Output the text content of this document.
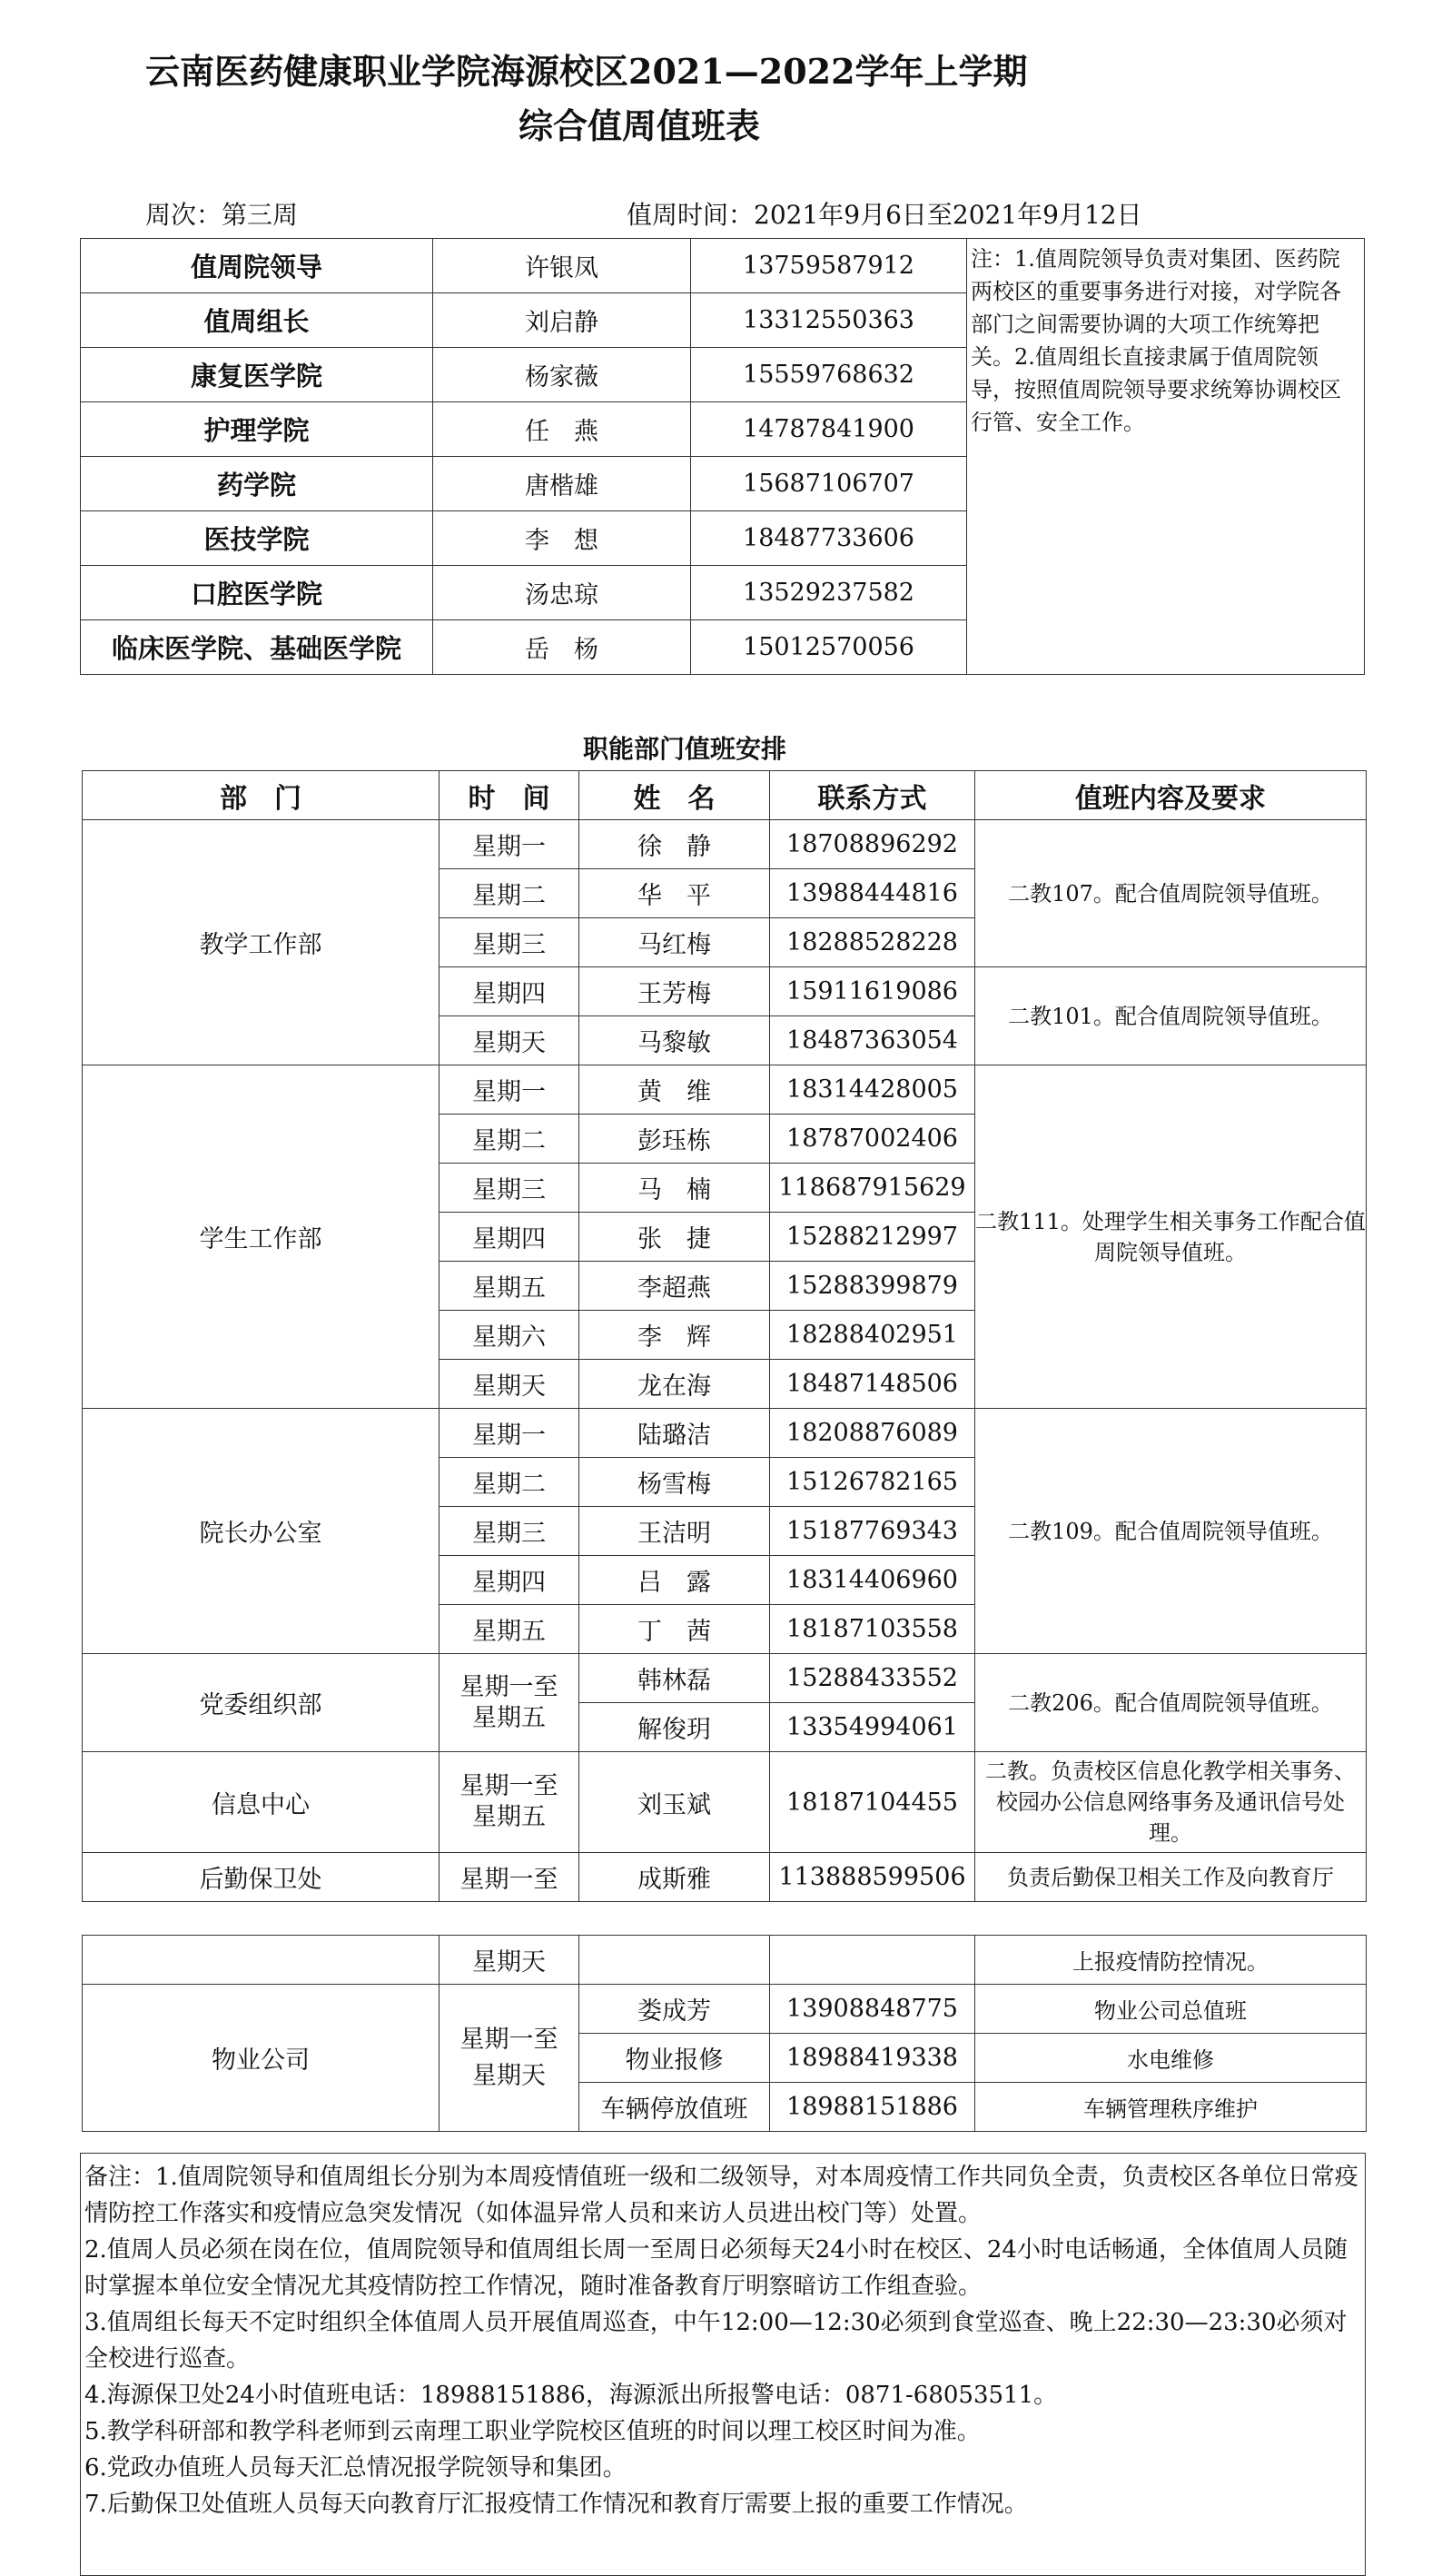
云南医药健康职业学院海源校区2021—2022学年上学期
综合值周值班表
周次：第三周	值周时间：2021年9月6日至2021年9月12日
值周院领导	许银凤	13759587912	注：1.值周院领导负责对集团、医药院两校区的重要事务进行对接，对学院各部门之间需要协调的大项工作统筹把关。2.值周组长直接隶属于值周院领导，按照值周院领导要求统筹协调校区行管、安全工作。
值周组长	刘启静	13312550363	
康复医学院	杨家薇	15559768632	
护理学院	任　燕	14787841900	
药学院	唐楷雄	15687106707	
医技学院	李　想	18487733606	
口腔医学院	汤忠琼	13529237582	
临床医学院、基础医学院	岳　杨	15012570056	
职能部门值班安排
部　门	时　间	姓　名	联系方式	值班内容及要求
教学工作部	星期一	徐　静	18708896292	二教107。配合值周院领导值班。
	星期二	华　平	13988444816	
	星期三	马红梅	18288528228	
	星期四	王芳梅	15911619086	二教101。配合值周院领导值班。
	星期天	马黎敏	18487363054	
学生工作部	星期一	黄　维	18314428005	二教111。处理学生相关事务工作配合值周院领导值班。
	星期二	彭珏栋	18787002406	
	星期三	马　楠	118687915629	
	星期四	张　捷	15288212997	
	星期五	李超燕	15288399879	
	星期六	李　辉	18288402951	
	星期天	龙在海	18487148506	
院长办公室	星期一	陆璐洁	18208876089	二教109。配合值周院领导值班。
	星期二	杨雪梅	15126782165	
	星期三	王洁明	15187769343	
	星期四	吕　露	18314406960	
	星期五	丁　茜	18187103558	
党委组织部	星期一至星期五	韩林磊	15288433552	二教206。配合值周院领导值班。
		解俊玥	13354994061	
信息中心	星期一至星期五	刘玉斌	18187104455	二教。负责校区信息化教学相关事务、校园办公信息网络事务及通讯信号处理。
后勤保卫处	星期一至	成斯雅	113888599506	负责后勤保卫相关工作及向教育厅
	星期天			上报疫情防控情况。
物业公司	星期一至星期天	娄成芳	13908848775	物业公司总值班
		物业报修	18988419338	水电维修
		车辆停放值班	18988151886	车辆管理秩序维护
备注：1.值周院领导和值周组长分别为本周疫情值班一级和二级领导，对本周疫情工作共同负全责，负责校区各单位日常疫情防控工作落实和疫情应急突发情况（如体温异常人员和来访人员进出校门等）处置。
2.值周人员必须在岗在位，值周院领导和值周组长周一至周日必须每天24小时在校区、24小时电话畅通，全体值周人员随时掌握本单位安全情况尤其疫情防控工作情况，随时准备教育厅明察暗访工作组查验。
3.值周组长每天不定时组织全体值周人员开展值周巡查，中午12:00—12:30必须到食堂巡查、晚上22:30—23:30必须对全校进行巡查。
4.海源保卫处24小时值班电话：18988151886，海源派出所报警电话：0871-68053511。
5.教学科研部和教学科老师到云南理工职业学院校区值班的时间以理工校区时间为准。
6.党政办值班人员每天汇总情况报学院领导和集团。
7.后勤保卫处值班人员每天向教育厅汇报疫情工作情况和教育厅需要上报的重要工作情况。
